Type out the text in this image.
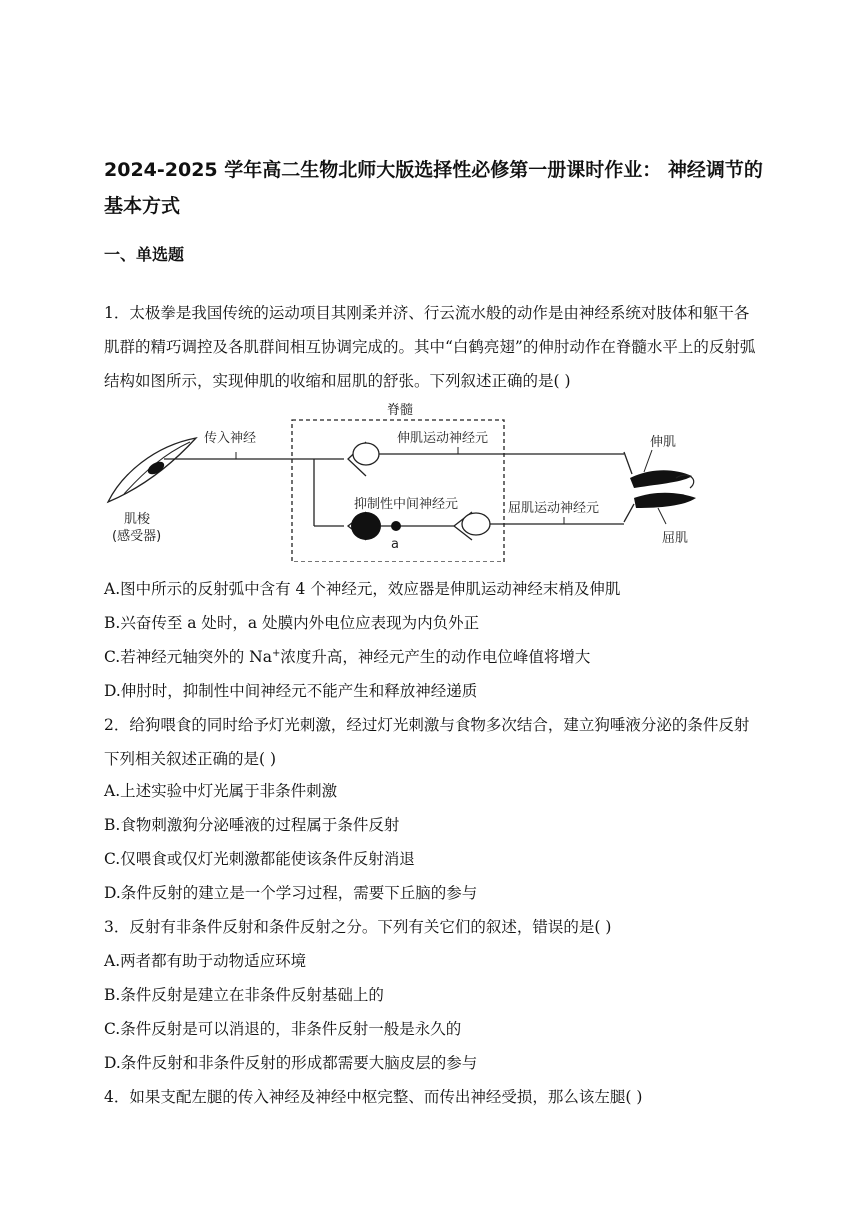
2024-2025 学年高二生物北师大版选择性必修第一册课时作业： 神经调节的基本方式
一、单选题

1．太极拳是我国传统的运动项目其刚柔并济、行云流水般的动作是由神经系统对肢体和躯干各肌群的精巧调控及各肌群间相互协调完成的。其中“白鹤亮翅”的伸肘动作在脊髓水平上的反射弧结构如图所示，实现伸肌的收缩和屈肌的舒张。下列叙述正确的是( )

脊髓
肌梭
(感受器)
传入神经	伸肌运动神经元
a
抑制性中间神经元	屈肌运动神经元
伸肌
屈肌

A.图中所示的反射弧中含有 4 个神经元，效应器是伸肌运动神经末梢及伸肌

B.兴奋传至 a 处时，a 处膜内外电位应表现为内负外正

C.若神经元轴突外的 Na+浓度升高，神经元产生的动作电位峰值将增大

D.伸肘时，抑制性中间神经元不能产生和释放神经递质

2．给狗喂食的同时给予灯光刺激，经过灯光刺激与食物多次结合，建立狗唾液分泌的条件反射下列相关叙述正确的是( )

A.上述实验中灯光属于非条件刺激

B.食物刺激狗分泌唾液的过程属于条件反射

C.仅喂食或仅灯光刺激都能使该条件反射消退

D.条件反射的建立是一个学习过程，需要下丘脑的参与

3．反射有非条件反射和条件反射之分。下列有关它们的叙述，错误的是( )

A.两者都有助于动物适应环境

B.条件反射是建立在非条件反射基础上的

C.条件反射是可以消退的，非条件反射一般是永久的

D.条件反射和非条件反射的形成都需要大脑皮层的参与

4．如果支配左腿的传入神经及神经中枢完整、而传出神经受损，那么该左腿( )
